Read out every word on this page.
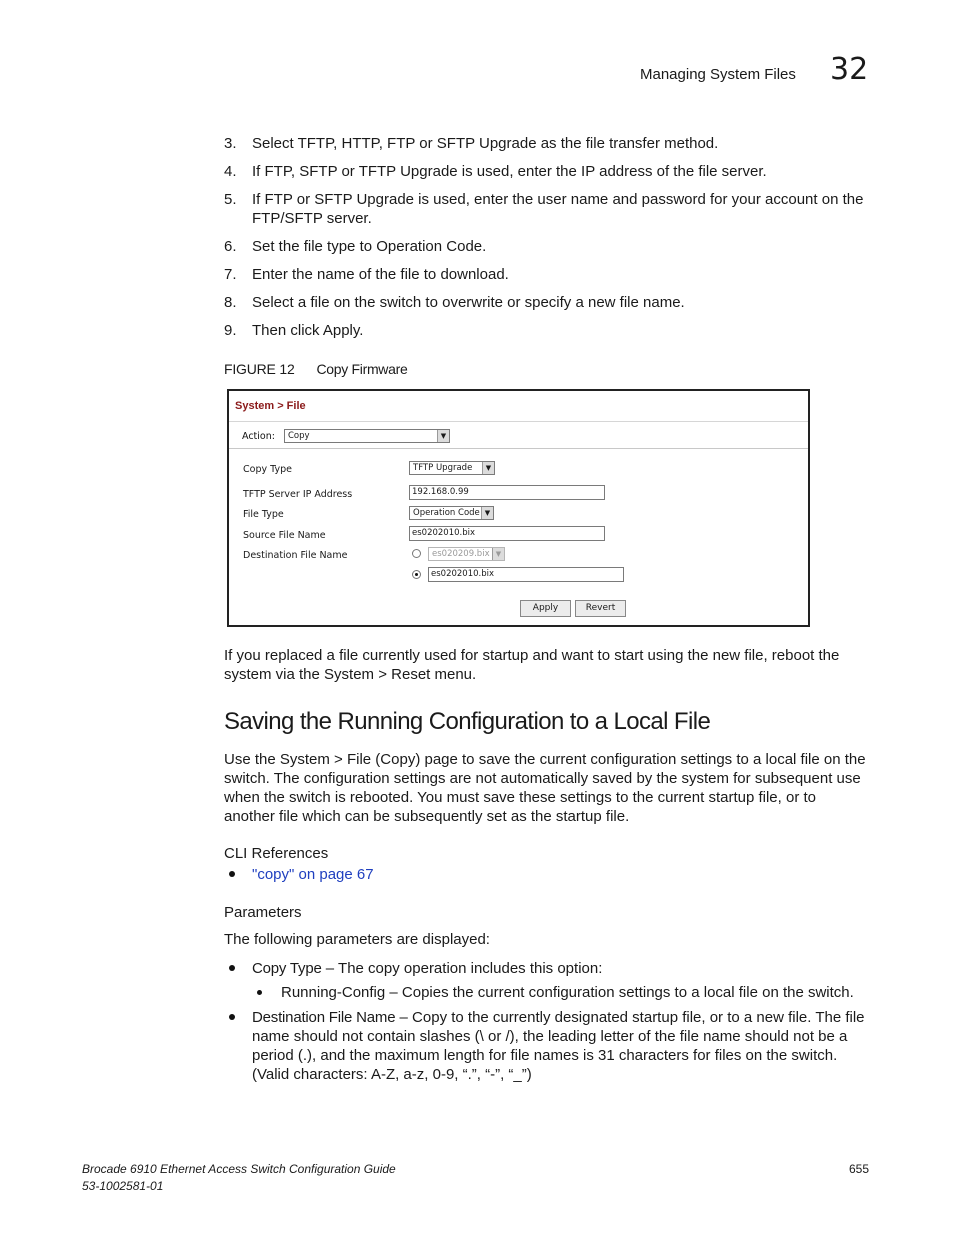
Managing System Files 32
3.	Select TFTP, HTTP, FTP or SFTP Upgrade as the file transfer method.
4.	If FTP, SFTP or TFTP Upgrade is used, enter the IP address of the file server.
5.	If FTP or SFTP Upgrade is used, enter the user name and password for your account on the FTP/SFTP server.
6.	Set the file type to Operation Code.
7.	Enter the name of the file to download.
8.	Select a file on the switch to overwrite or specify a new file name.
9.	Then click Apply.
FIGURE 12 Copy Firmware
System > File
Action:	Copy	▼
Copy Type	TFTP Upgrade	▼
TFTP Server IP Address	192.168.0.99
File Type	Operation Code ▼
Source File Name	es0202010.bix
Destination File Name	es020209.bix ▼
es0202010.bix
Apply	Revert
If you replaced a file currently used for startup and want to start using the new file, reboot the system via the System > Reset menu.
Saving the Running Configuration to a Local File
Use the System > File (Copy) page to save the current configuration settings to a local file on the switch. The configuration settings are not automatically saved by the system for subsequent use when the switch is rebooted. You must save these settings to the current startup file, or to another file which can be subsequently set as the startup file.
CLI References
"copy" on page 67
Parameters
The following parameters are displayed:
Copy Type – The copy operation includes this option:
Running-Config – Copies the current configuration settings to a local file on the switch.
Destination File Name – Copy to the currently designated startup file, or to a new file. The file name should not contain slashes (\ or /), the leading letter of the file name should not be a period (.), and the maximum length for file names is 31 characters for files on the switch. (Valid characters: A-Z, a-z, 0-9, “.”, “-”, “_”)
Brocade 6910 Ethernet Access Switch Configuration Guide
53-1002581-01
655
